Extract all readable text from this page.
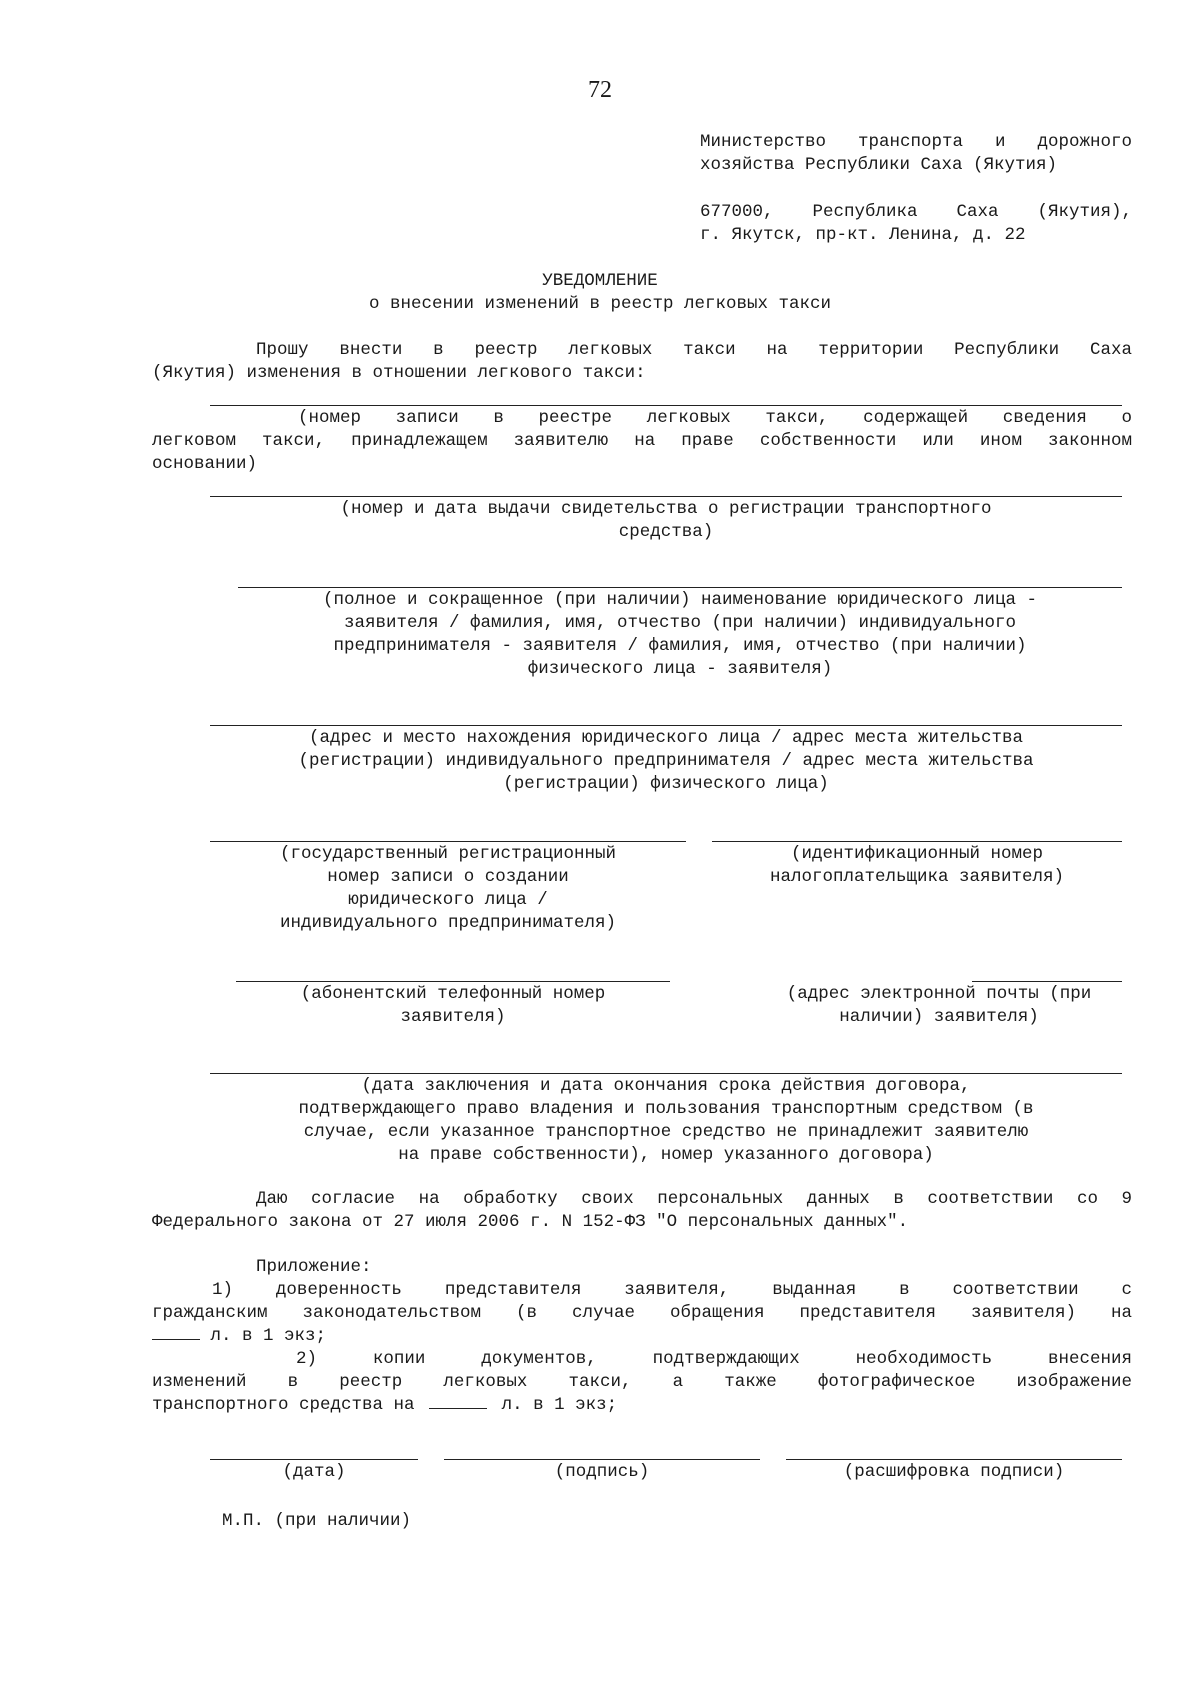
72
Министерство транспорта и дорожного
хозяйства Республики Саха (Якутия)
677000, Республика Саха (Якутия),
г. Якутск, пр-кт. Ленина, д. 22
УВЕДОМЛЕНИЕ
о внесении изменений в реестр легковых такси
Прошу внести в реестр легковых такси на территории Республики Саха
(Якутия) изменения в отношении легкового такси:
(номер записи в реестре легковых такси, содержащей сведения о
легковом такси, принадлежащем заявителю на праве собственности или ином законном
основании)
(номер и дата выдачи свидетельства о регистрации транспортного
средства)
(полное и сокращенное (при наличии) наименование юридического лица -
заявителя / фамилия, имя, отчество (при наличии) индивидуального
предпринимателя - заявителя / фамилия, имя, отчество (при наличии)
физического лица - заявителя)
(адрес и место нахождения юридического лица / адрес места жительства
(регистрации) индивидуального предпринимателя / адрес места жительства
(регистрации) физического лица)
(государственный регистрационный
номер записи о создании
юридического лица /
индивидуального предпринимателя)
(идентификационный номер
налогоплательщика заявителя)
(абонентский телефонный номер
заявителя)
(адрес электронной почты (при
наличии) заявителя)
(дата заключения и дата окончания срока действия договора,
подтверждающего право владения и пользования транспортным средством (в
случае, если указанное транспортное средство не принадлежит заявителю
на праве собственности), номер указанного договора)
Даю согласие на обработку своих персональных данных в соответствии со 9
Федерального закона от 27 июля 2006 г. N 152-ФЗ "О персональных данных".
Приложение:
1) доверенность представителя заявителя, выданная в соответствии с
гражданским законодательством (в случае обращения представителя заявителя) на
л. в 1 экз;
2) копии документов, подтверждающих необходимость внесения
изменений в реестр легковых такси, а также фотографическое изображение
транспортного средства на	л. в 1 экз;
(дата)	(подпись)	(расшифровка подписи)
М.П. (при наличии)
